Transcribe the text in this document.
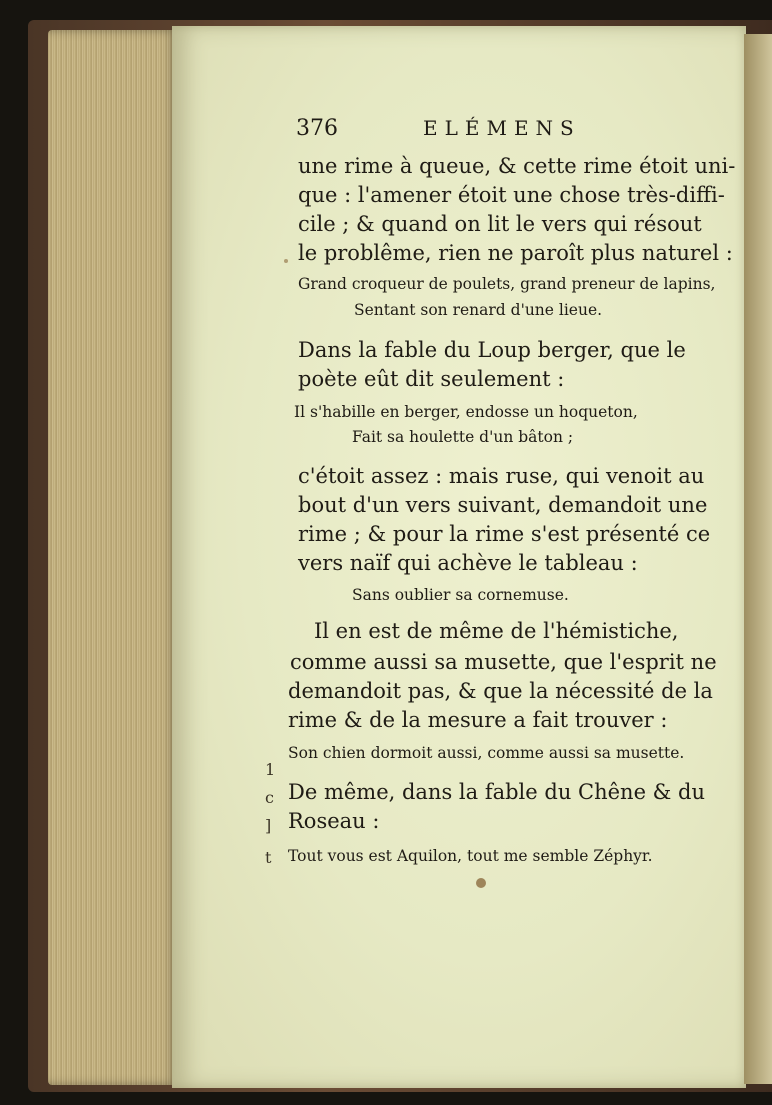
376	ELÉMENS
une rime à queue, & cette rime étoit uni-
que : l'amener étoit une chose très-diffi-
cile ; & quand on lit le vers qui résout
le problême, rien ne paroît plus naturel :
Grand croqueur de poulets, grand preneur de lapins,
Sentant son renard d'une lieue.
Dans la fable du Loup berger, que le
poète eût dit seulement :
Il s'habille en berger, endosse un hoqueton,
Fait sa houlette d'un bâton ;
c'étoit assez : mais ruse, qui venoit au
bout d'un vers suivant, demandoit une
rime ; & pour la rime s'est présenté ce
vers naïf qui achève le tableau :
Sans oublier sa cornemuse.
Il en est de même de l'hémistiche,
comme aussi sa musette, que l'esprit ne
demandoit pas, & que la nécessité de la
rime & de la mesure a fait trouver :
Son chien dormoit aussi, comme aussi sa musette.
De même, dans la fable du Chêne & du
Roseau :
Tout vous est Aquilon, tout me semble Zéphyr.
1
c
]
t
